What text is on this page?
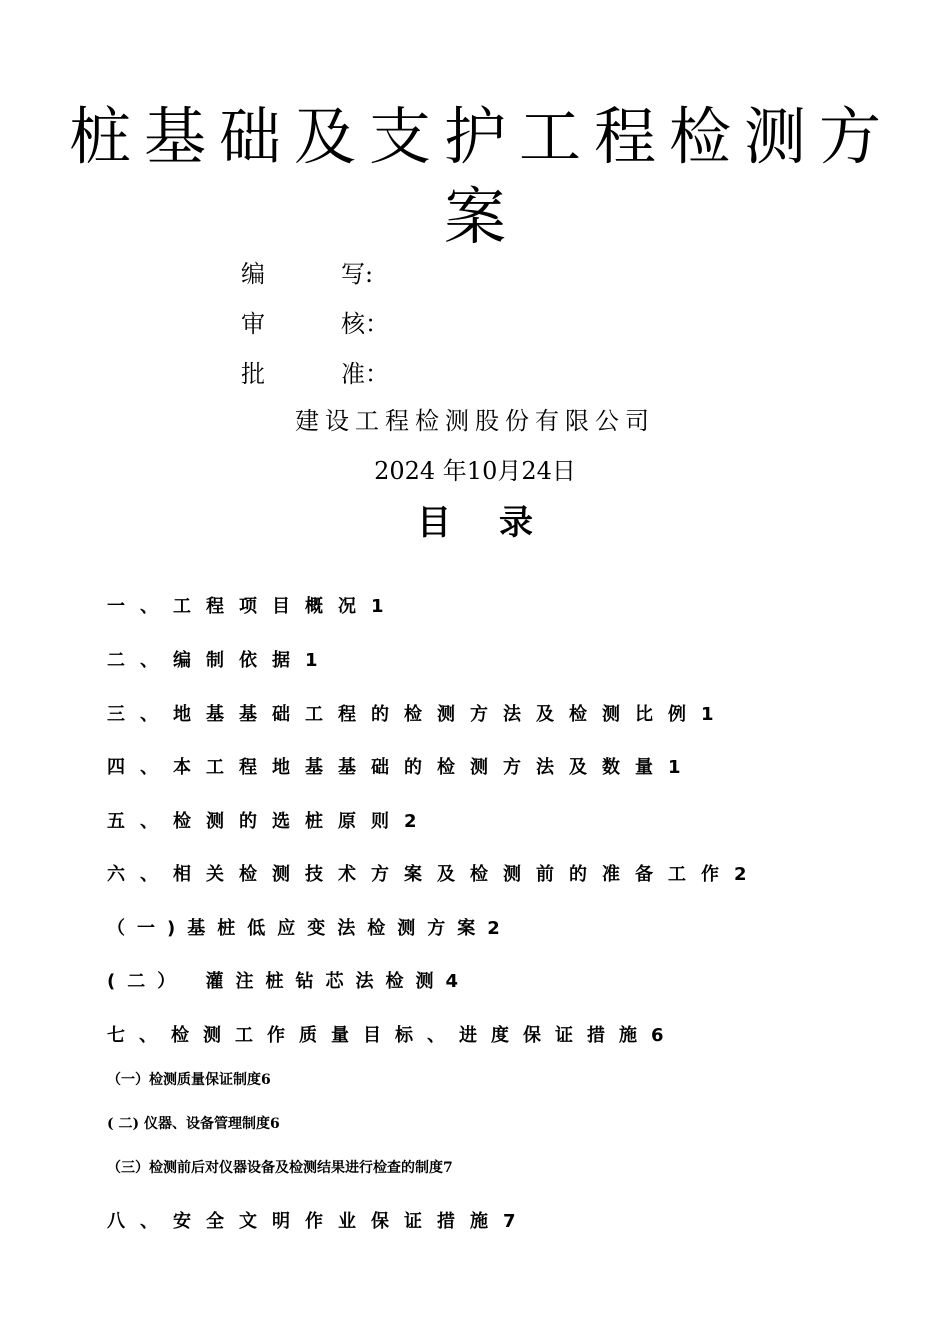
桩基础及支护工程检测方
案
编	写:
审	核：
批	准：
建设工程检测股份有限公司
2024 年10月24日
目 录
一、工程项目概况1
二、编制依据1
三、地基基础工程的检测方法及检测比例1
四、本工程地基基础的检测方法及数量1
五、检测的选桩原则2
六、相关检测技术方案及检测前的准备工作2
（一)基桩低应变法检测方案2
(二） 灌注桩钻芯法检测4
七、检测工作质量目标、进度保证措施6
（一）检测质量保证制度6
( 二) 仪器、设备管理制度6
（三）检测前后对仪器设备及检测结果进行检查的制度7
八、安全文明作业保证措施7
